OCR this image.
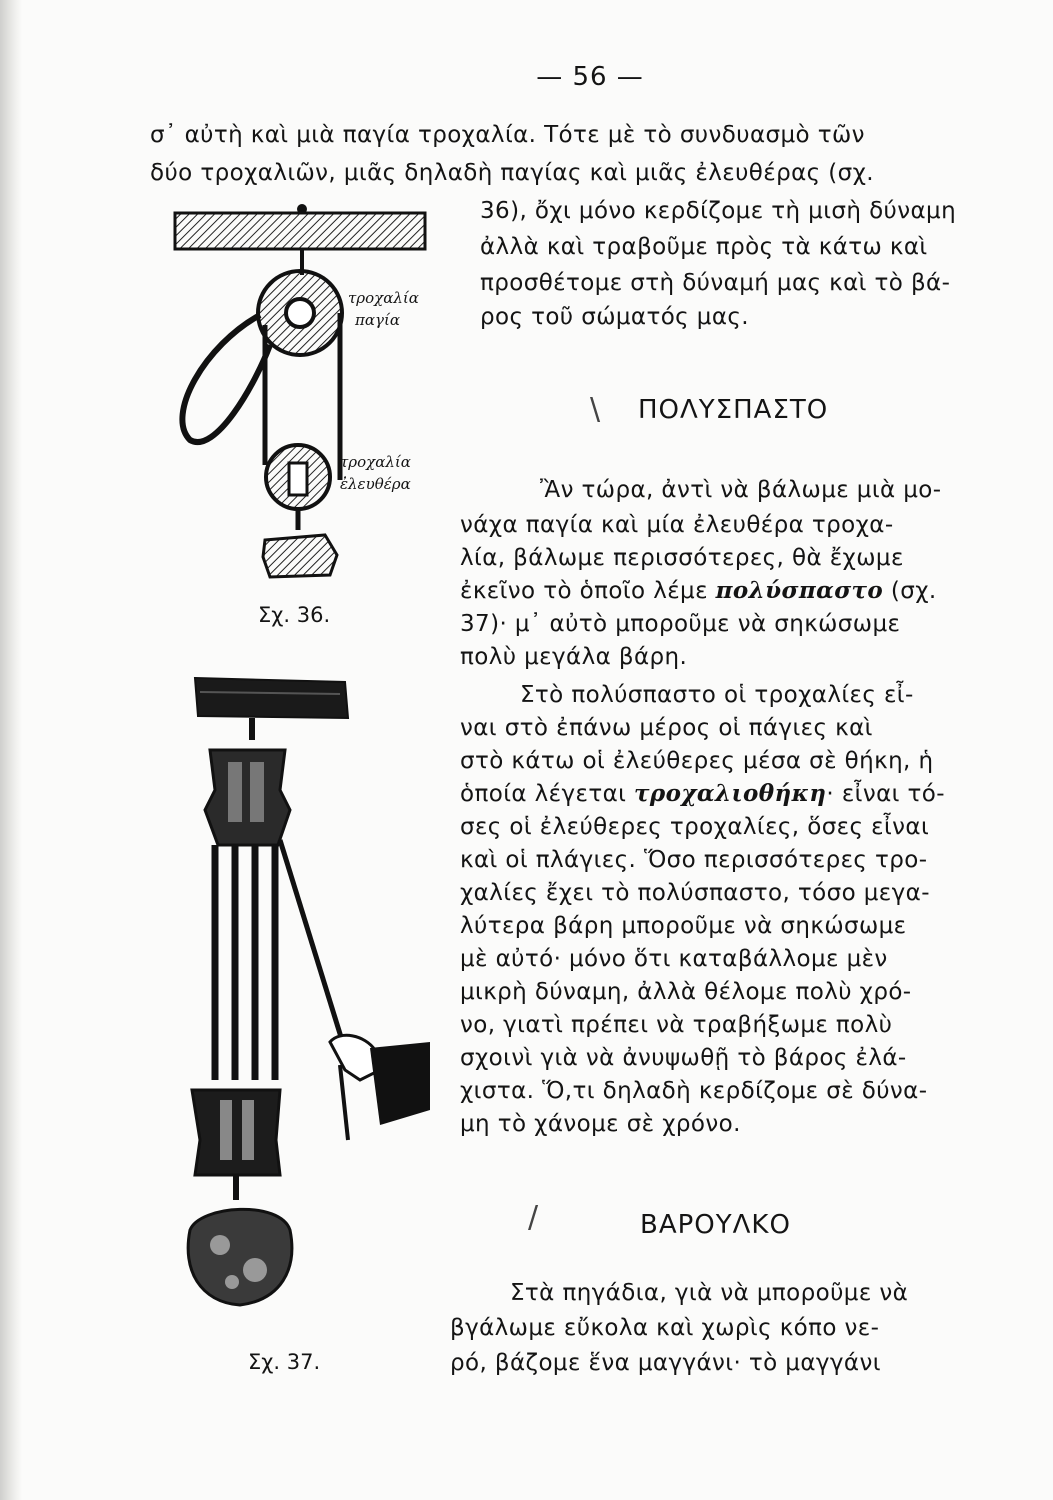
— 56 —
σ᾿ αὐτὴ καὶ μιὰ παγία τροχαλία. Τότε μὲ τὸ συνδυασμὸ τῶν
δύο τροχαλιῶν, μιᾶς δηλαδὴ παγίας καὶ μιᾶς ἐλευθέρας (σχ.
36), ὄχι μόνο κερδίζομε τὴ μισὴ δύναμη
ἀλλὰ καὶ τραβοῦμε πρὸς τὰ κάτω καὶ
προσθέτομε στὴ δύναμή μας καὶ τὸ βά-
ρος τοῦ σώματός μας.
τροχαλία
παγία
τροχαλία
ἐλευθέρα
Σχ. 36.
\ ΠΟΛΥΣΠΑΣΤΟ
Ἂν τώρα, ἀντὶ νὰ βάλωμε μιὰ μο-
νάχα παγία καὶ μία ἐλευθέρα τροχα-
λία, βάλωμε περισσότερες, θὰ ἔχωμε
ἐκεῖνο τὸ ὁποῖο λέμε πολύσπαστο (σχ.
37)· μ᾿ αὐτὸ μποροῦμε νὰ σηκώσωμε
πολὺ μεγάλα βάρη.
Στὸ πολύσπαστο οἱ τροχαλίες εἶ-
ναι στὸ ἐπάνω μέρος οἱ πάγιες καὶ
στὸ κάτω οἱ ἐλεύθερες μέσα σὲ θήκη, ἡ
ὁποία λέγεται τροχαλιοθήκη· εἶναι τό-
σες οἱ ἐλεύθερες τροχαλίες, ὅσες εἶναι
καὶ οἱ πλάγιες. Ὅσο περισσότερες τρο-
χαλίες ἔχει τὸ πολύσπαστο, τόσο μεγα-
λύτερα βάρη μποροῦμε νὰ σηκώσωμε
μὲ αὐτό· μόνο ὅτι καταβάλλομε μὲν
μικρὴ δύναμη, ἀλλὰ θέλομε πολὺ χρό-
νο, γιατὶ πρέπει νὰ τραβήξωμε πολὺ
σχοινὶ γιὰ νὰ ἀνυψωθῇ τὸ βάρος ἐλά-
χιστα. Ὅ,τι δηλαδὴ κερδίζομε σὲ δύνα-
μη τὸ χάνομε σὲ χρόνο.
Σχ. 37.
/	ΒΑΡΟΥΛΚΟ
Στὰ πηγάδια, γιὰ νὰ μποροῦμε νὰ
βγάλωμε εὔκολα καὶ χωρὶς κόπο νε-
ρό, βάζομε ἕνα μαγγάνι· τὸ μαγγάνι
